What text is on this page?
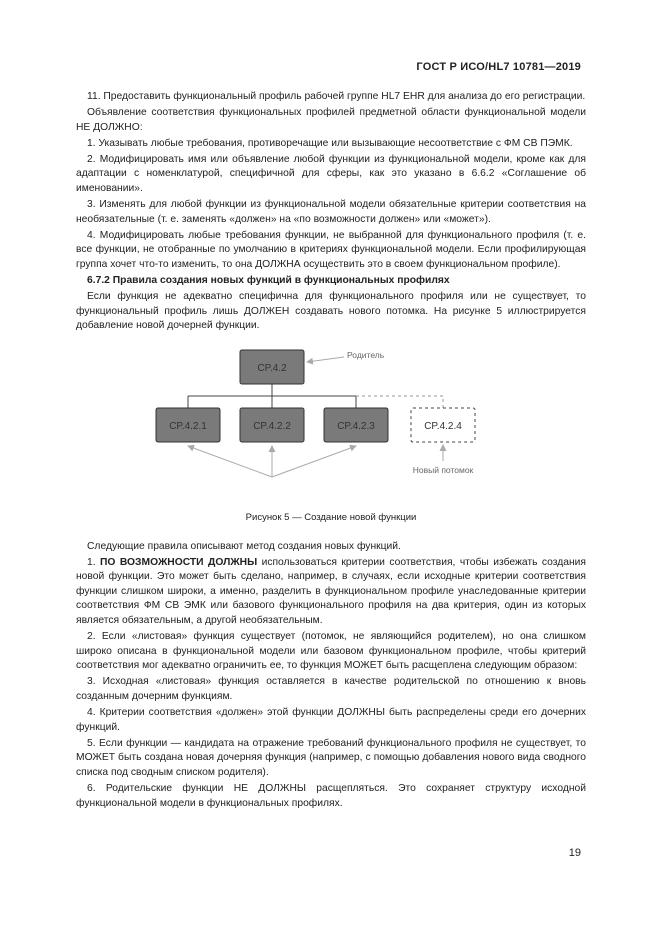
ГОСТ Р ИСО/HL7 10781—2019

11. Предоставить функциональный профиль рабочей группе HL7 EHR для анализа до его регистрации.

Объявление соответствия функциональных профилей предметной области функциональной модели НЕ ДОЛЖНО:

1. Указывать любые требования, противоречащие или вызывающие несоответствие с ФМ СВ ПЭМК.

2. Модифицировать имя или объявление любой функции из функциональной модели, кроме как для адаптации с номенклатурой, специфичной для сферы, как это указано в 6.6.2 «Соглашение об именовании».

3. Изменять для любой функции из функциональной модели обязательные критерии соответствия на необязательные (т. е. заменять «должен» на «по возможности должен» или «может»).

4. Модифицировать любые требования функции, не выбранной для функционального профиля (т. е. все функции, не отобранные по умолчанию в критериях функциональной модели. Если профилирующая группа хочет что-то изменить, то она ДОЛЖНА осуществить это в своем функциональном профиле).

6.7.2 Правила создания новых функций в функциональных профилях

Если функция не адекватно специфична для функционального профиля или не существует, то функциональный профиль лишь ДОЛЖЕН создавать нового потомка. На рисунке 5 иллюстрируется добавление новой дочерней функции.

CP.4.2
CP.4.2.1	CP.4.2.2	CP.4.2.3	CP.4.2.4
Родитель
Новый потомок

Рисунок 5 — Создание новой функции

Следующие правила описывают метод создания новых функций.

1. ПО ВОЗМОЖНОСТИ ДОЛЖНЫ использоваться критерии соответствия, чтобы избежать создания новой функции. Это может быть сделано, например, в случаях, если исходные критерии соответствия функции слишком широки, а именно, разделить в функциональном профиле унаследованные критерии соответствия ФМ СВ ЭМК или базового функционального профиля на два критерия, один из которых является обязательным, а другой необязательным.

2. Если «листовая» функция существует (потомок, не являющийся родителем), но она слишком широко описана в функциональной модели или базовом функциональном профиле, чтобы критерий соответствия мог адекватно ограничить ее, то функция МОЖЕТ быть расщеплена следующим образом:

3. Исходная «листовая» функция оставляется в качестве родительской по отношению к вновь созданным дочерним функциям.

4. Критерии соответствия «должен» этой функции ДОЛЖНЫ быть распределены среди его дочерних функций.

5. Если функции — кандидата на отражение требований функционального профиля не существует, то МОЖЕТ быть создана новая дочерняя функция (например, с помощью добавления нового вида сводного списка под сводным списком родителя).

6. Родительские функции НЕ ДОЛЖНЫ расщепляться. Это сохраняет структуру исходной функциональной модели в функциональных профилях.

19
